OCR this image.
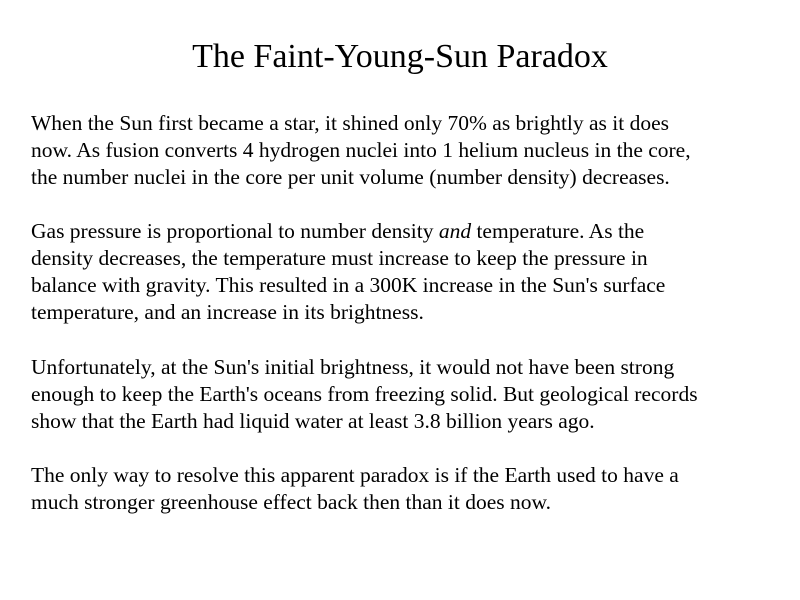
The Faint-Young-Sun Paradox

When the Sun first became a star, it shined only 70% as brightly as it does
now. As fusion converts 4 hydrogen nuclei into 1 helium nucleus in the core,
the number nuclei in the core per unit volume (number density) decreases.

Gas pressure is proportional to number density and temperature. As the
density decreases, the temperature must increase to keep the pressure in
balance with gravity. This resulted in a 300K increase in the Sun's surface
temperature, and an increase in its brightness.

Unfortunately, at the Sun's initial brightness, it would not have been strong
enough to keep the Earth's oceans from freezing solid. But geological records
show that the Earth had liquid water at least 3.8 billion years ago.

The only way to resolve this apparent paradox is if the Earth used to have a
much stronger greenhouse effect back then than it does now.
